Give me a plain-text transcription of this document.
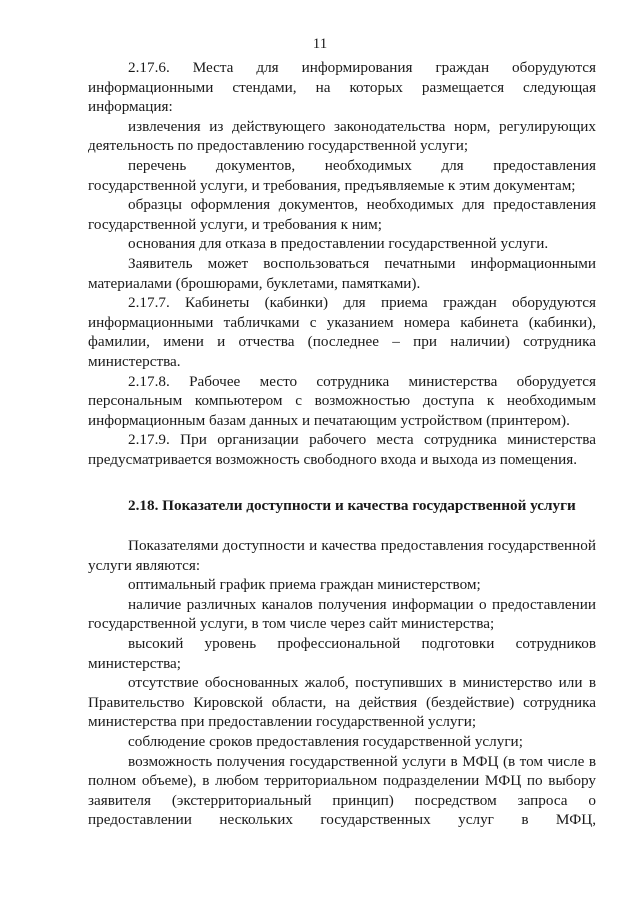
11

2.17.6. Места для информирования граждан оборудуются информационными стендами, на которых размещается следующая информация:

извлечения из действующего законодательства норм, регулирующих деятельность по предоставлению государственной услуги;

перечень документов, необходимых для предоставления государственной услуги, и требования, предъявляемые к этим документам;

образцы оформления документов, необходимых для предоставления государственной услуги, и требования к ним;

основания для отказа в предоставлении государственной услуги.

Заявитель может воспользоваться печатными информационными материалами (брошюрами, буклетами, памятками).

2.17.7. Кабинеты (кабинки) для приема граждан оборудуются информационными табличками с указанием номера кабинета (кабинки), фамилии, имени и отчества (последнее – при наличии) сотрудника министерства.

2.17.8. Рабочее место сотрудника министерства оборудуется персональным компьютером с возможностью доступа к необходимым информационным базам данных и печатающим устройством (принтером).

2.17.9. При организации рабочего места сотрудника министерства предусматривается возможность свободного входа и выхода из помещения.

2.18. Показатели доступности и качества государственной услуги

Показателями доступности и качества предоставления государственной услуги являются:

оптимальный график приема граждан министерством;

наличие различных каналов получения информации о предоставлении государственной услуги, в том числе через сайт министерства;

высокий уровень профессиональной подготовки сотрудников министерства;

отсутствие обоснованных жалоб, поступивших в министерство или в Правительство Кировской области, на действия (бездействие) сотрудника министерства при предоставлении государственной услуги;

соблюдение сроков предоставления государственной услуги;

возможность получения государственной услуги в МФЦ (в том числе в полном объеме), в любом территориальном подразделении МФЦ по выбору заявителя (экстерриториальный принцип) посредством запроса о предоставлении нескольких государственных услуг в МФЦ,
